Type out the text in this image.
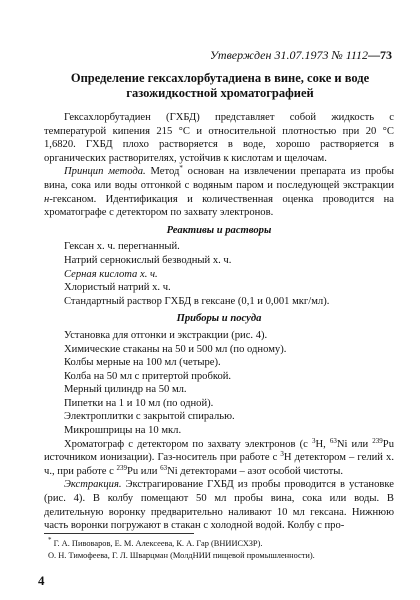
Утвержден 31.07.1973 № 1112—73
Определение гексахлорбутадиена в вине, соке и воде газожидкостной хроматографией

Гексахлорбутадиен (ГХБД) представляет собой жидкость с температурой кипения 215 °С и относительной плотностью при 20 °С 1,6820. ГХБД плохо растворяется в воде, хорошо растворяется в органических растворителях, устойчив к кислотам и щелочам.

Принцип метода. Метод* основан на извлечении препарата из пробы вина, сока или воды отгонкой с водяным паром и последующей экстракции н-гексаном. Идентификация и количественная оценка проводится на хроматографе с детектором по захвату электронов.

Реактивы и растворы

Гексан х. ч. перегнанный.

Натрий сернокислый безводный х. ч.

Серная кислота х. ч.

Хлористый натрий х. ч.

Стандартный раствор ГХБД в гексане (0,1 и 0,001 мкг/мл).

Приборы и посуда

Установка для отгонки и экстракции (рис. 4).

Химические стаканы на 50 и 500 мл (по одному).

Колбы мерные на 100 мл (четыре).

Колба на 50 мл с притертой пробкой.

Мерный цилиндр на 50 мл.

Пипетки на 1 и 10 мл (по одной).

Электроплитки с закрытой спиралью.

Микрошприцы на 10 мкл.

Хроматограф с детектором по захвату электронов (с $^3$H, $^{63}$Ni или $^{239}$Pu источником ионизации). Газ-носитель при работе с $^3$H детектором – гелий х. ч., при работе с $^{239}$Pu или $^{63}$Ni детекторами – азот особой чистоты.

Экстракция. Экстрагирование ГХБД из пробы проводится в установке (рис. 4). В колбу помещают 50 мл пробы вина, сока или воды. В делительную воронку предварительно наливают 10 мл гексана. Нижнюю часть воронки погружают в стакан с холодной водой. Колбу с про-

* Г. А. Пивоваров, Е. М. Алексеева, К. А. Гар (ВНИИСХЗР).

О. Н. Тимофеева, Г. Л. Шварцман (МолдНИИ пищевой промышленности).

4
